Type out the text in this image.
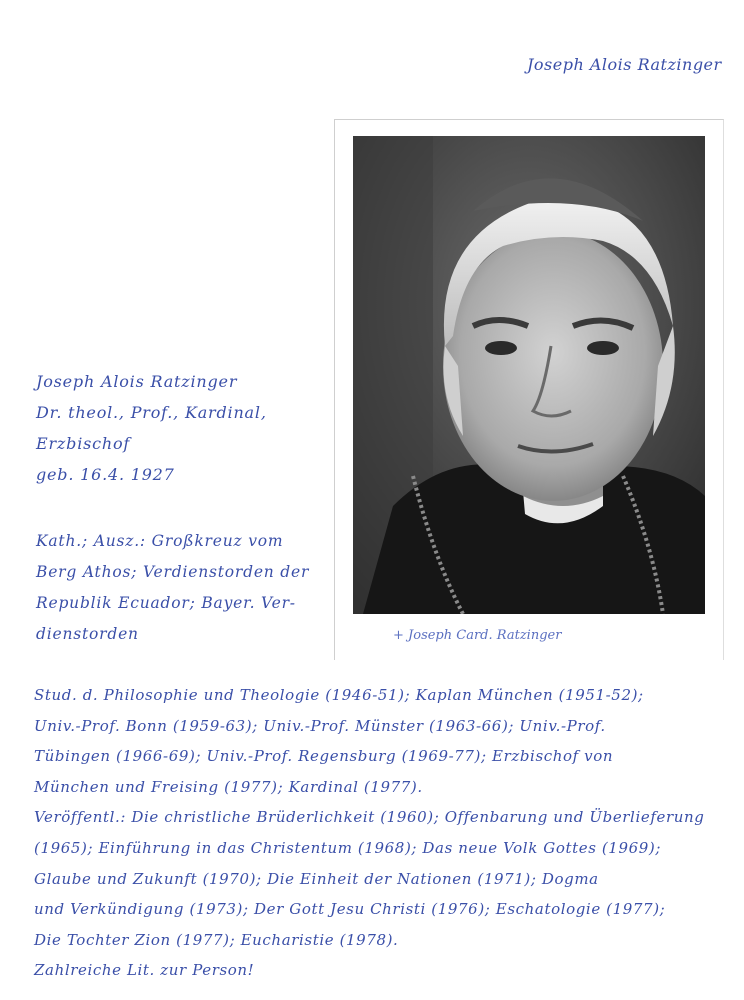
Joseph Alois Ratzinger
Joseph Alois Ratzinger
Dr. theol., Prof., Kardinal,
Erzbischof
geb. 16.4. 1927
Kath.; Ausz.: Großkreuz vom
Berg Athos; Verdienstorden der
Republik Ecuador; Bayer. Ver-
dienstorden	+ Joseph Card. Ratzinger
Stud. d. Philosophie und Theologie (1946-51); Kaplan München (1951-52);
Univ.-Prof. Bonn (1959-63); Univ.-Prof. Münster (1963-66); Univ.-Prof.
Tübingen (1966-69); Univ.-Prof. Regensburg (1969-77); Erzbischof von
München und Freising (1977); Kardinal (1977).
Veröffentl.: Die christliche Brüderlichkeit (1960); Offenbarung und Überlieferung
(1965); Einführung in das Christentum (1968); Das neue Volk Gottes (1969);
Glaube und Zukunft (1970); Die Einheit der Nationen (1971); Dogma
und Verkündigung (1973); Der Gott Jesu Christi (1976); Eschatologie (1977);
Die Tochter Zion (1977); Eucharistie (1978).
Zahlreiche Lit. zur Person!
